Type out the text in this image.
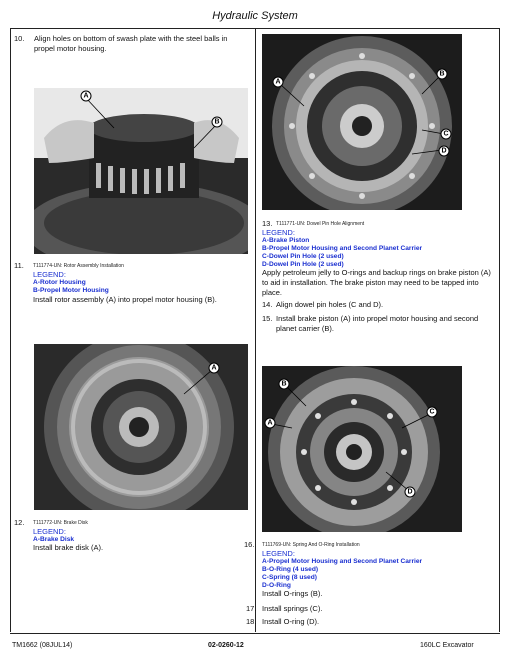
Hydraulic System
10. Align holes on bottom of swash plate with the steel balls in propel motor housing.
A
B
11. T111774-UN: Rotor Assembly Installation
LEGEND:
A-Rotor Housing
B-Propel Motor Housing
Install rotor assembly (A) into propel motor housing (B).
A
12. T111772-UN: Brake Disk
LEGEND:
A-Brake Disk
Install brake disk (A).
A
B
C
D
13. T111771-UN: Dowel Pin Hole Alignment
LEGEND:
A-Brake Piston
B-Propel Motor Housing and Second Planet Carrier
C-Dowel Pin Hole (2 used)
D-Dowel Pin Hole (2 used)
Apply petroleum jelly to O-rings and backup rings on brake piston (A) to aid in installation. The brake piston may need to be tapped into place.
14. Align dowel pin holes (C and D).
15. Install brake piston (A) into propel motor housing and second planet carrier (B).
B
A
C
D
16. T111769-UN: Spring And O-Ring Installation
LEGEND:
A-Propel Motor Housing and Second Planet Carrier
B-O-Ring (4 used)
C-Spring (8 used)
D-O-Ring
Install O-rings (B).
17. Install springs (C).
18. Install O-ring (D).
TM1662 (08JUL14)	02-0260-12	160LC Excavator
